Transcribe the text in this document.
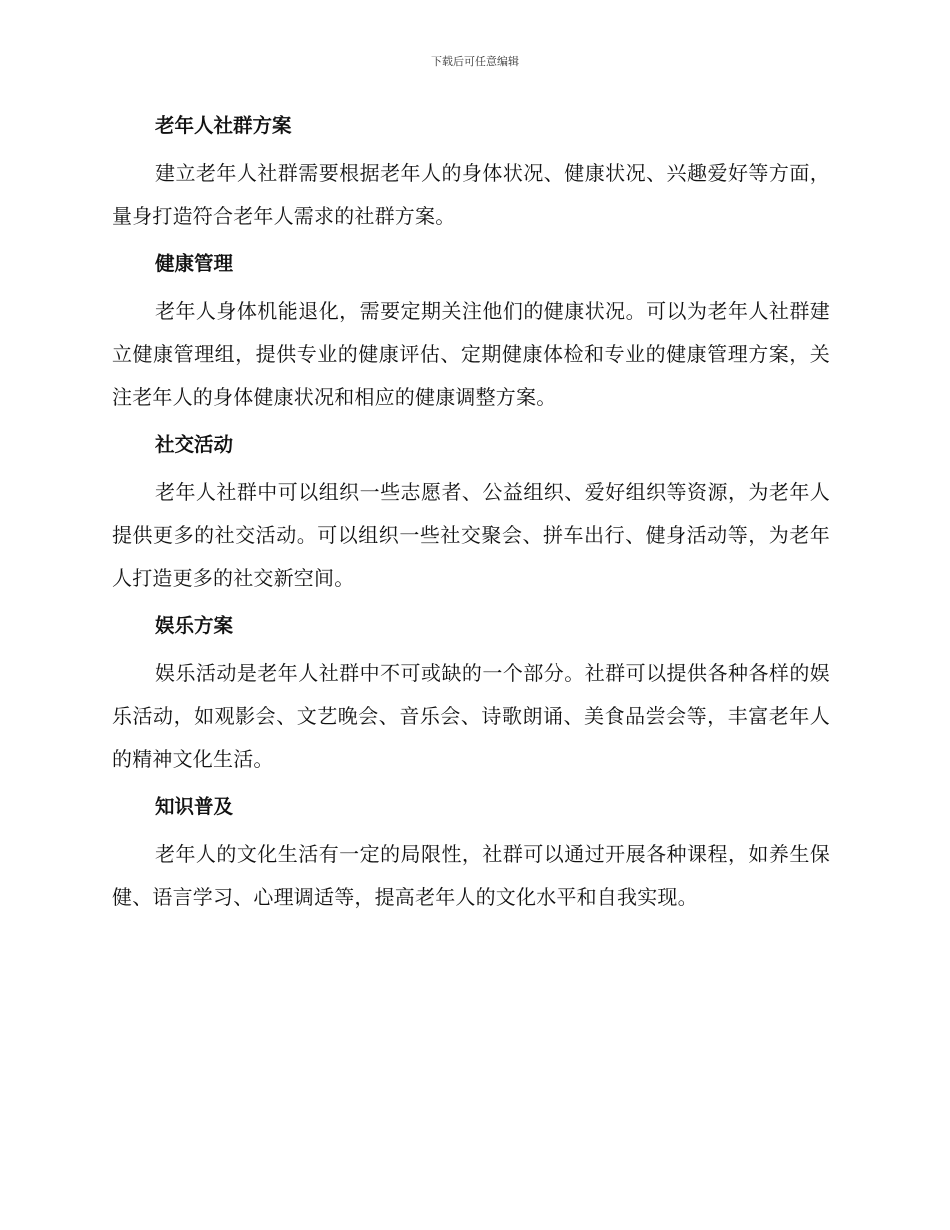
下载后可任意编辑
老年人社群方案

建立老年人社群需要根据老年人的身体状况、健康状况、兴趣爱好等方面，量身打造符合老年人需求的社群方案。

健康管理

老年人身体机能退化，需要定期关注他们的健康状况。可以为老年人社群建立健康管理组，提供专业的健康评估、定期健康体检和专业的健康管理方案，关注老年人的身体健康状况和相应的健康调整方案。

社交活动

老年人社群中可以组织一些志愿者、公益组织、爱好组织等资源，为老年人提供更多的社交活动。可以组织一些社交聚会、拼车出行、健身活动等，为老年人打造更多的社交新空间。

娱乐方案

娱乐活动是老年人社群中不可或缺的一个部分。社群可以提供各种各样的娱乐活动，如观影会、文艺晚会、音乐会、诗歌朗诵、美食品尝会等，丰富老年人的精神文化生活。

知识普及

老年人的文化生活有一定的局限性，社群可以通过开展各种课程，如养生保健、语言学习、心理调适等，提高老年人的文化水平和自我实现。
